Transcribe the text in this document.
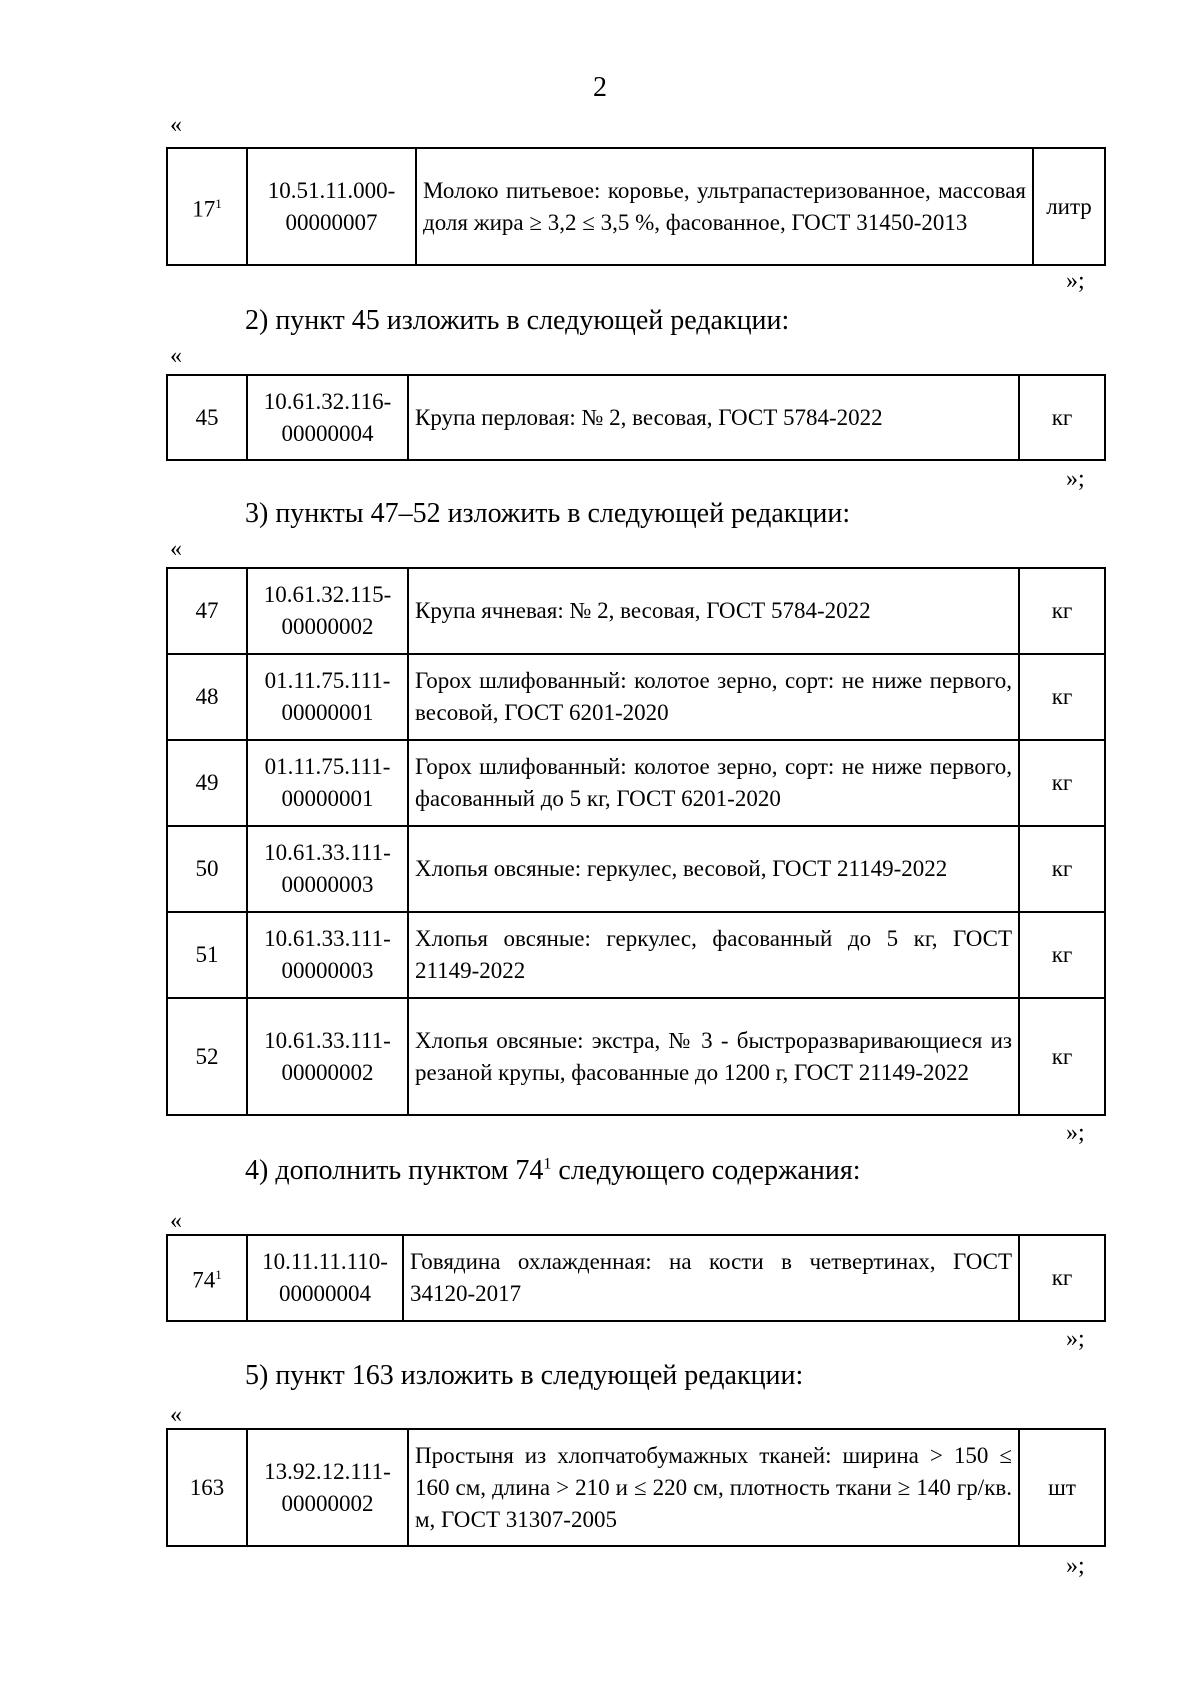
2
«
$17^1$	10.51.11.000-00000007	Молоко питьевое: коровье, ультрапастеризованное, массовая доля жира ≥ 3,2 ≤ 3,5 %, фасованное, ГОСТ 31450-2013	литр
»;
2) пункт 45 изложить в следующей редакции:
«
45	10.61.32.116-00000004	Крупа перловая: № 2, весовая, ГОСТ 5784-2022	кг
»;
3) пункты 47–52 изложить в следующей редакции:
«
47	10.61.32.115-00000002	Крупа ячневая: № 2, весовая, ГОСТ 5784-2022	кг
48	01.11.75.111-00000001	Горох шлифованный: колотое зерно, сорт: не ниже первого, весовой, ГОСТ 6201-2020	кг
49	01.11.75.111-00000001	Горох шлифованный: колотое зерно, сорт: не ниже первого, фасованный до 5 кг, ГОСТ 6201-2020	кг
50	10.61.33.111-00000003	Хлопья овсяные: геркулес, весовой, ГОСТ 21149-2022	кг
51	10.61.33.111-00000003	Хлопья овсяные: геркулес, фасованный до 5 кг, ГОСТ 21149-2022	кг
52	10.61.33.111-00000002	Хлопья овсяные: экстра, № 3 - быстроразваривающиеся из резаной крупы, фасованные до 1200 г, ГОСТ 21149-2022	кг
»;
4) дополнить пунктом $74^1$ следующего содержания:
«
$74^1$	10.11.11.110-00000004	Говядина охлажденная: на кости в четвертинах, ГОСТ 34120-2017	кг
»;
5) пункт 163 изложить в следующей редакции:
«
163	13.92.12.111-00000002	Простыня из хлопчатобумажных тканей: ширина > 150 ≤ 160 см, длина > 210 и ≤ 220 см, плотность ткани ≥ 140 гр/кв. м, ГОСТ 31307-2005	шт
»;
